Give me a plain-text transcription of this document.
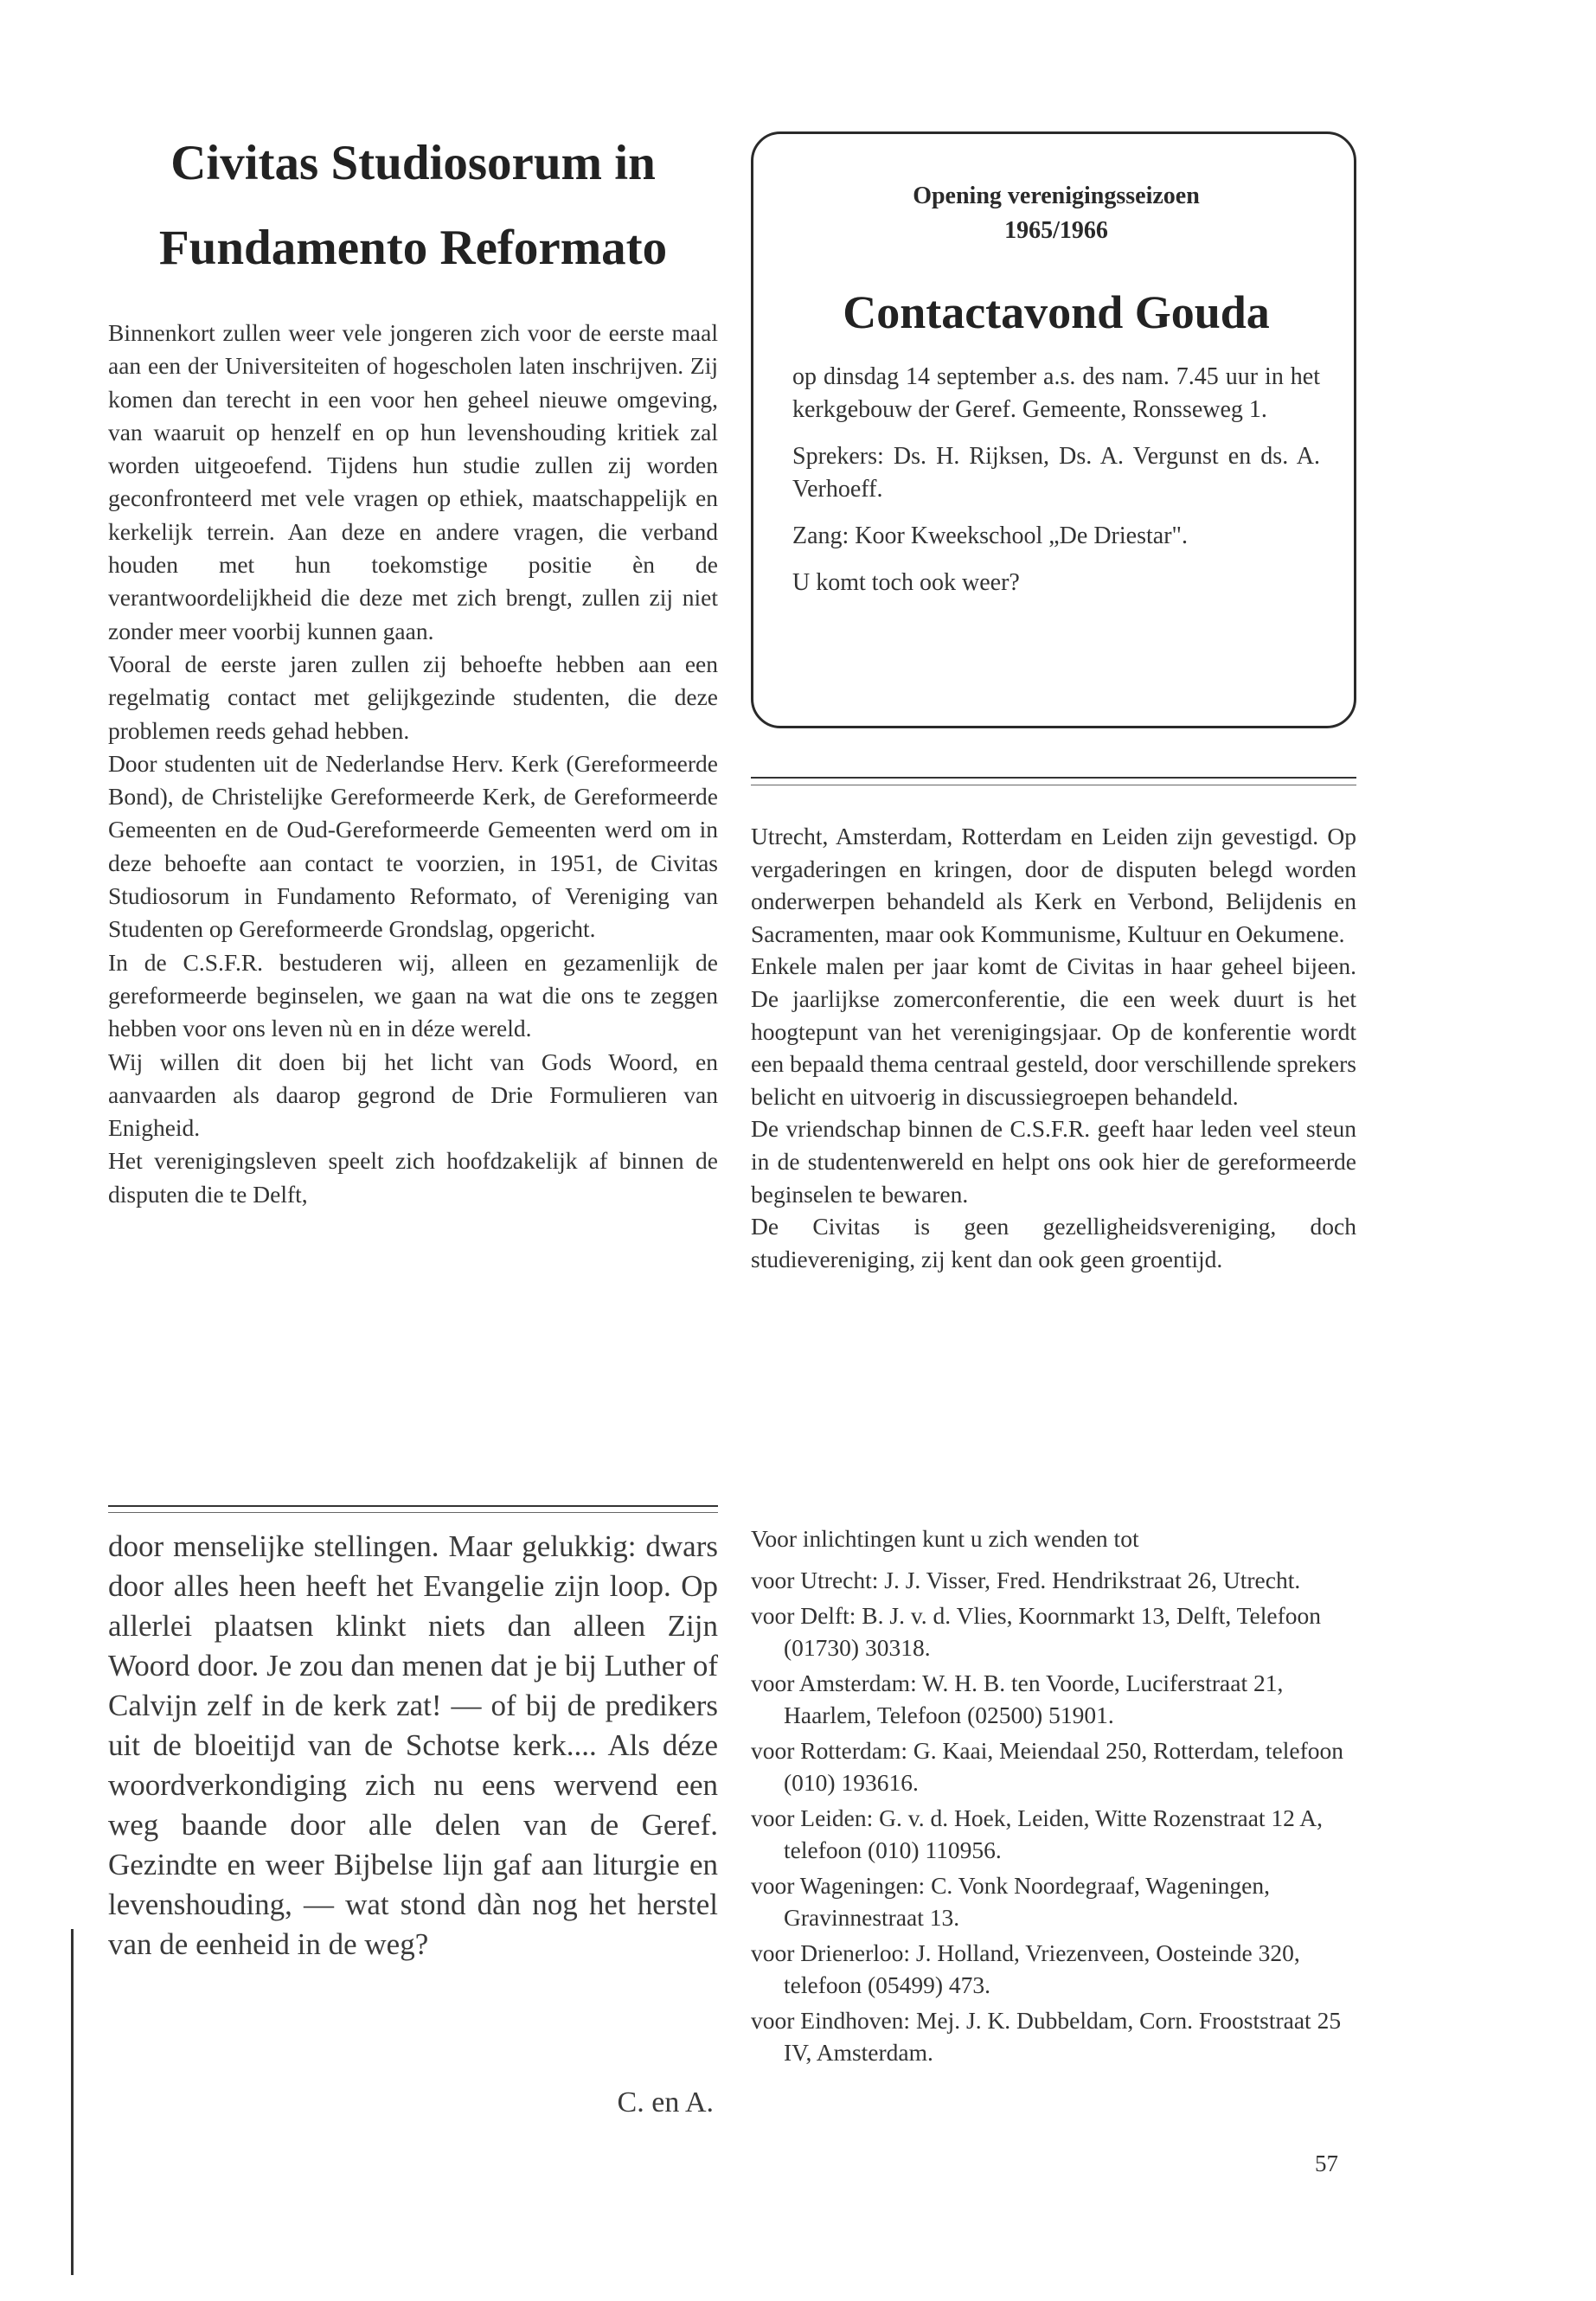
Civitas Studiosorum in
Fundamento Reformato

Binnenkort zullen weer vele jongeren zich voor de eerste maal aan een der Universiteiten of hogescholen laten inschrijven. Zij komen dan terecht in een voor hen geheel nieuwe omgeving, van waaruit op henzelf en op hun levenshouding kritiek zal worden uitgeoefend. Tijdens hun studie zullen zij worden geconfronteerd met vele vragen op ethiek, maatschappelijk en kerkelijk terrein. Aan deze en andere vragen, die verband houden met hun toekomstige positie èn de verantwoordelijkheid die deze met zich brengt, zullen zij niet zonder meer voorbij kunnen gaan.

Vooral de eerste jaren zullen zij behoefte hebben aan een regelmatig contact met gelijkgezinde studenten, die deze problemen reeds gehad hebben.

Door studenten uit de Nederlandse Herv. Kerk (Gereformeerde Bond), de Christelijke Gereformeerde Kerk, de Gereformeerde Gemeenten en de Oud-Gereformeerde Gemeenten werd om in deze behoefte aan contact te voorzien, in 1951, de Civitas Studiosorum in Fundamento Reformato, of Vereniging van Studenten op Gereformeerde Grondslag, opgericht.

In de C.S.F.R. bestuderen wij, alleen en gezamenlijk de gereformeerde beginselen, we gaan na wat die ons te zeggen hebben voor ons leven nù en in déze wereld.

Wij willen dit doen bij het licht van Gods Woord, en aanvaarden als daarop gegrond de Drie Formulieren van Enigheid.

Het verenigingsleven speelt zich hoofdzakelijk af binnen de disputen die te Delft,

door menselijke stellingen. Maar gelukkig: dwars door alles heen heeft het Evangelie zijn loop. Op allerlei plaatsen klinkt niets dan alleen Zijn Woord door. Je zou dan menen dat je bij Luther of Calvijn zelf in de kerk zat! — of bij de predikers uit de bloeitijd van de Schotse kerk.... Als déze woordverkondiging zich nu eens wervend een weg baande door alle delen van de Geref. Gezindte en weer Bijbelse lijn gaf aan liturgie en levenshouding, — wat stond dàn nog het herstel van de eenheid in de weg?

C. en A.
Opening verenigingsseizoen
1965/1966
Contactavond Gouda

op dinsdag 14 september a.s. des nam. 7.45 uur in het kerkgebouw der Geref. Gemeente, Ronsseweg 1.

Sprekers: Ds. H. Rijksen, Ds. A. Vergunst en ds. A. Verhoeff.

Zang: Koor Kweekschool „De Driestar".

U komt toch ook weer?

Utrecht, Amsterdam, Rotterdam en Leiden zijn gevestigd. Op vergaderingen en kringen, door de disputen belegd worden onderwerpen behandeld als Kerk en Verbond, Belijdenis en Sacramenten, maar ook Kommunisme, Kultuur en Oekumene.

Enkele malen per jaar komt de Civitas in haar geheel bijeen. De jaarlijkse zomerconferentie, die een week duurt is het hoogtepunt van het verenigingsjaar. Op de konferentie wordt een bepaald thema centraal gesteld, door verschillende sprekers belicht en uitvoerig in discussiegroepen behandeld.

De vriendschap binnen de C.S.F.R. geeft haar leden veel steun in de studentenwereld en helpt ons ook hier de gereformeerde beginselen te bewaren.

De Civitas is geen gezelligheidsvereniging, doch studievereniging, zij kent dan ook geen groentijd.

Voor inlichtingen kunt u zich wenden tot
voor Utrecht: J. J. Visser, Fred. Hendrikstraat 26, Utrecht.
voor Delft: B. J. v. d. Vlies, Koornmarkt 13, Delft, Telefoon (01730) 30318.
voor Amsterdam: W. H. B. ten Voorde, Luciferstraat 21, Haarlem, Telefoon (02500) 51901.
voor Rotterdam: G. Kaai, Meiendaal 250, Rotterdam, telefoon (010) 193616.
voor Leiden: G. v. d. Hoek, Leiden, Witte Rozenstraat 12 A, telefoon (010) 110956.
voor Wageningen: C. Vonk Noordegraaf, Wageningen, Gravinnestraat 13.
voor Drienerloo: J. Holland, Vriezenveen, Oosteinde 320, telefoon (05499) 473.
voor Eindhoven: Mej. J. K. Dubbeldam, Corn. Frooststraat 25 IV, Amsterdam.
57
